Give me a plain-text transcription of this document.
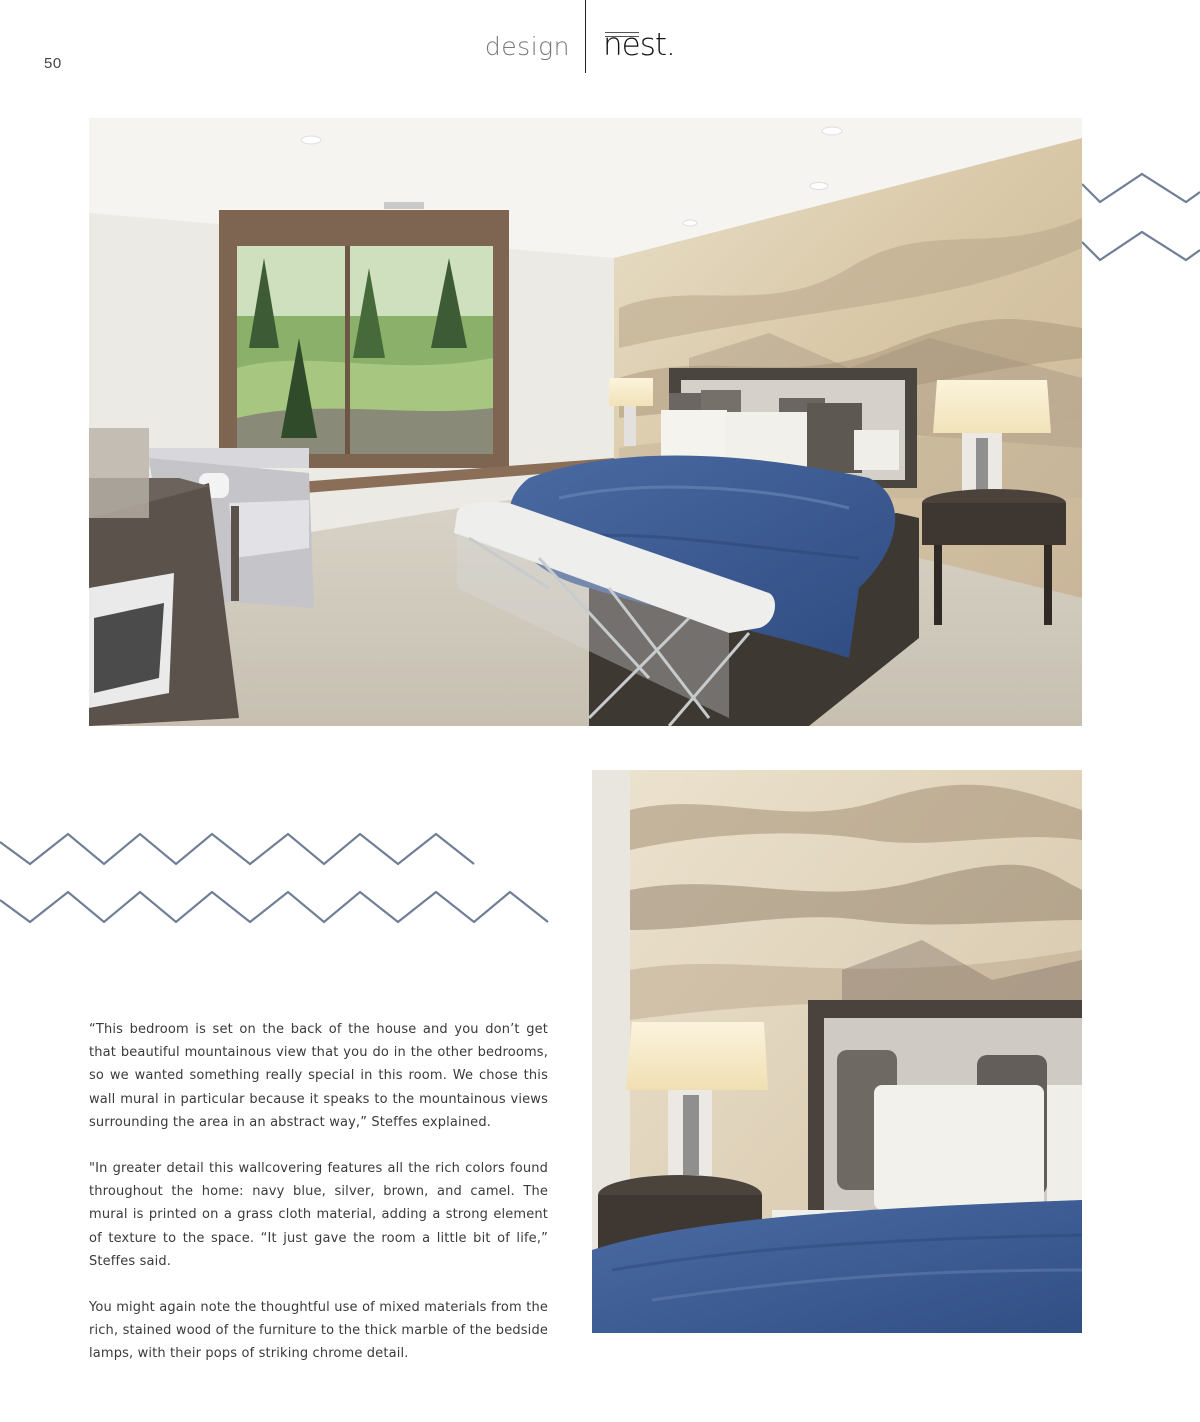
50
design nest.

“This bedroom is set on the back of the house and you don’t get that beautiful mountainous view that you do in the other bedrooms, so we wanted something really special in this room. We chose this wall mural in particular because it speaks to the mountainous views surrounding the area in an abstract way,” Steffes explained.

"In greater detail this wallcovering features all the rich colors found throughout the home: navy blue, silver, brown, and camel. The mural is printed on a grass cloth material, adding a strong element of texture to the space. “It just gave the room a little bit of life,” Steffes said.

You might again note the thoughtful use of mixed materials from the rich, stained wood of the furniture to the thick marble of the bedside lamps, with their pops of striking chrome detail.
